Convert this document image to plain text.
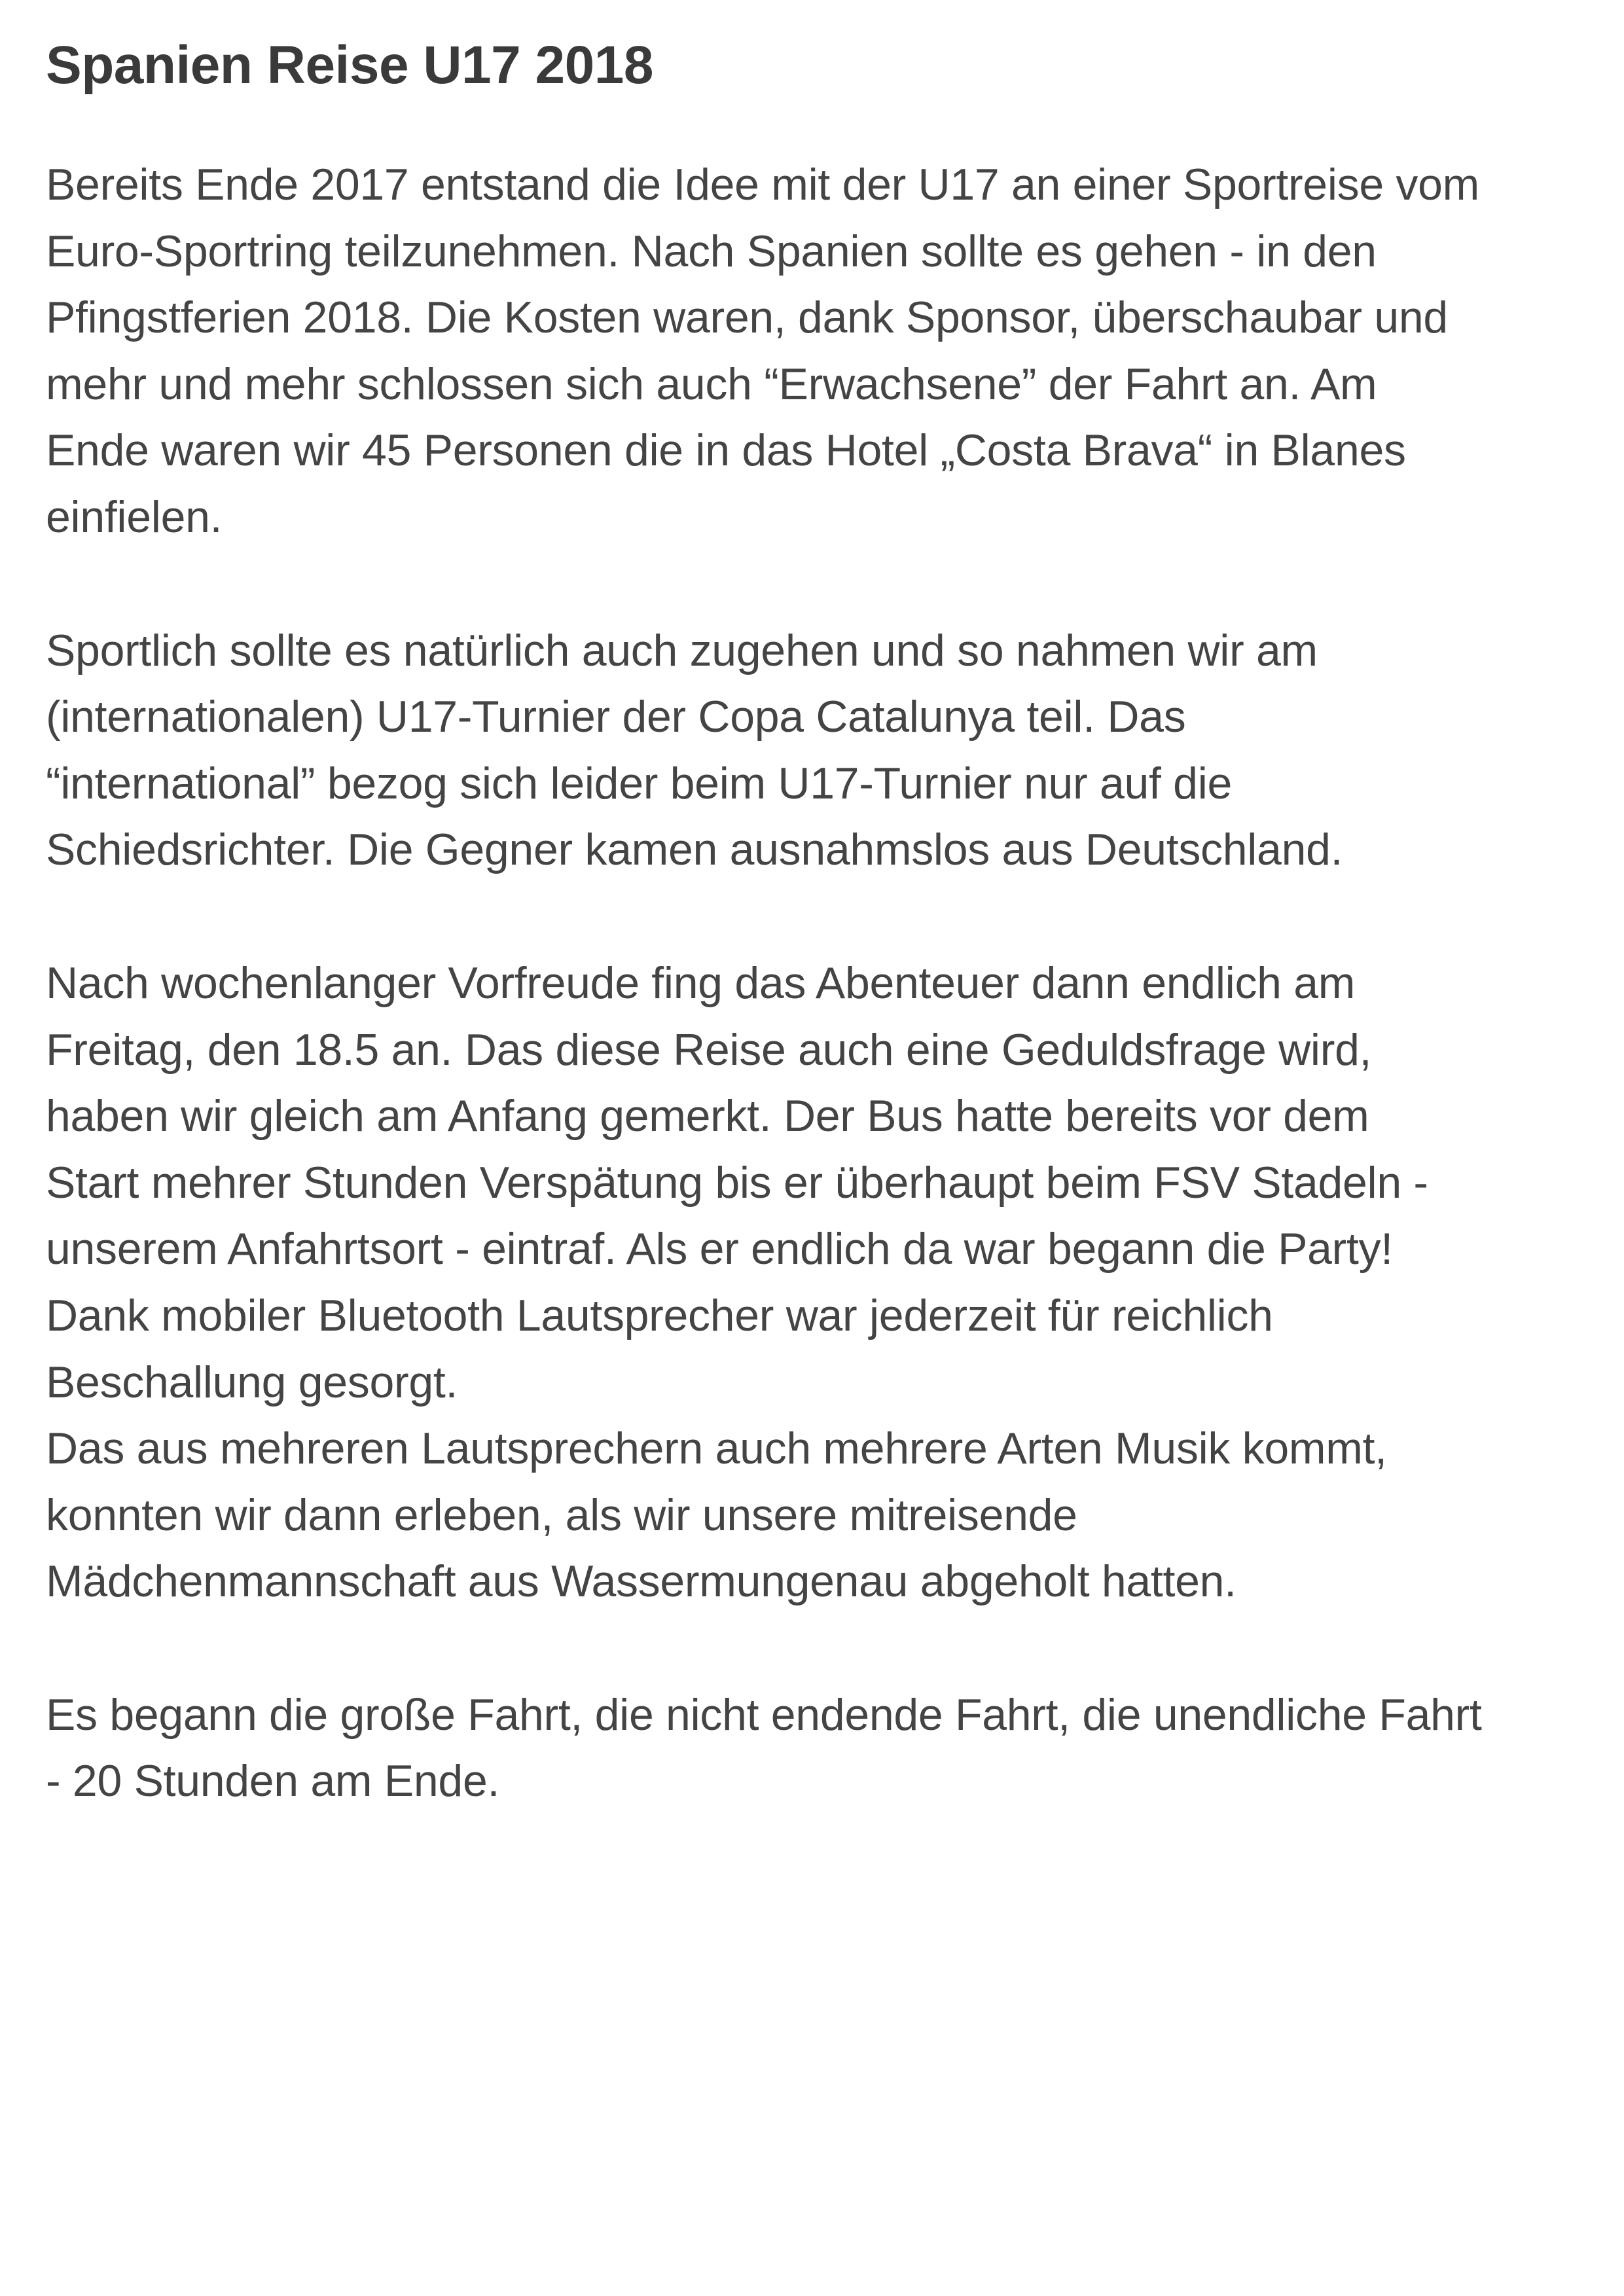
Spanien Reise U17 2018
Bereits Ende 2017 entstand die Idee mit der U17 an einer Sportreise vom
Euro-Sportring teilzunehmen. Nach Spanien sollte es gehen - in den
Pfingstferien 2018. Die Kosten waren, dank Sponsor, überschaubar und
mehr und mehr schlossen sich auch “Erwachsene” der Fahrt an. Am
Ende waren wir 45 Personen die in das Hotel „Costa Brava“ in Blanes
einfielen.
Sportlich sollte es natürlich auch zugehen und so nahmen wir am
(internationalen) U17-Turnier der Copa Catalunya teil. Das
“international” bezog sich leider beim U17-Turnier nur auf die
Schiedsrichter. Die Gegner kamen ausnahmslos aus Deutschland.
Nach wochenlanger Vorfreude fing das Abenteuer dann endlich am
Freitag, den 18.5 an. Das diese Reise auch eine Geduldsfrage wird,
haben wir gleich am Anfang gemerkt. Der Bus hatte bereits vor dem
Start mehrer Stunden Verspätung bis er überhaupt beim FSV Stadeln -
unserem Anfahrtsort - eintraf. Als er endlich da war begann die Party!
Dank mobiler Bluetooth Lautsprecher war jederzeit für reichlich
Beschallung gesorgt.
Das aus mehreren Lautsprechern auch mehrere Arten Musik kommt,
konnten wir dann erleben, als wir unsere mitreisende
Mädchenmannschaft aus Wassermungenau abgeholt hatten.
Es begann die große Fahrt, die nicht endende Fahrt, die unendliche Fahrt
- 20 Stunden am Ende.
